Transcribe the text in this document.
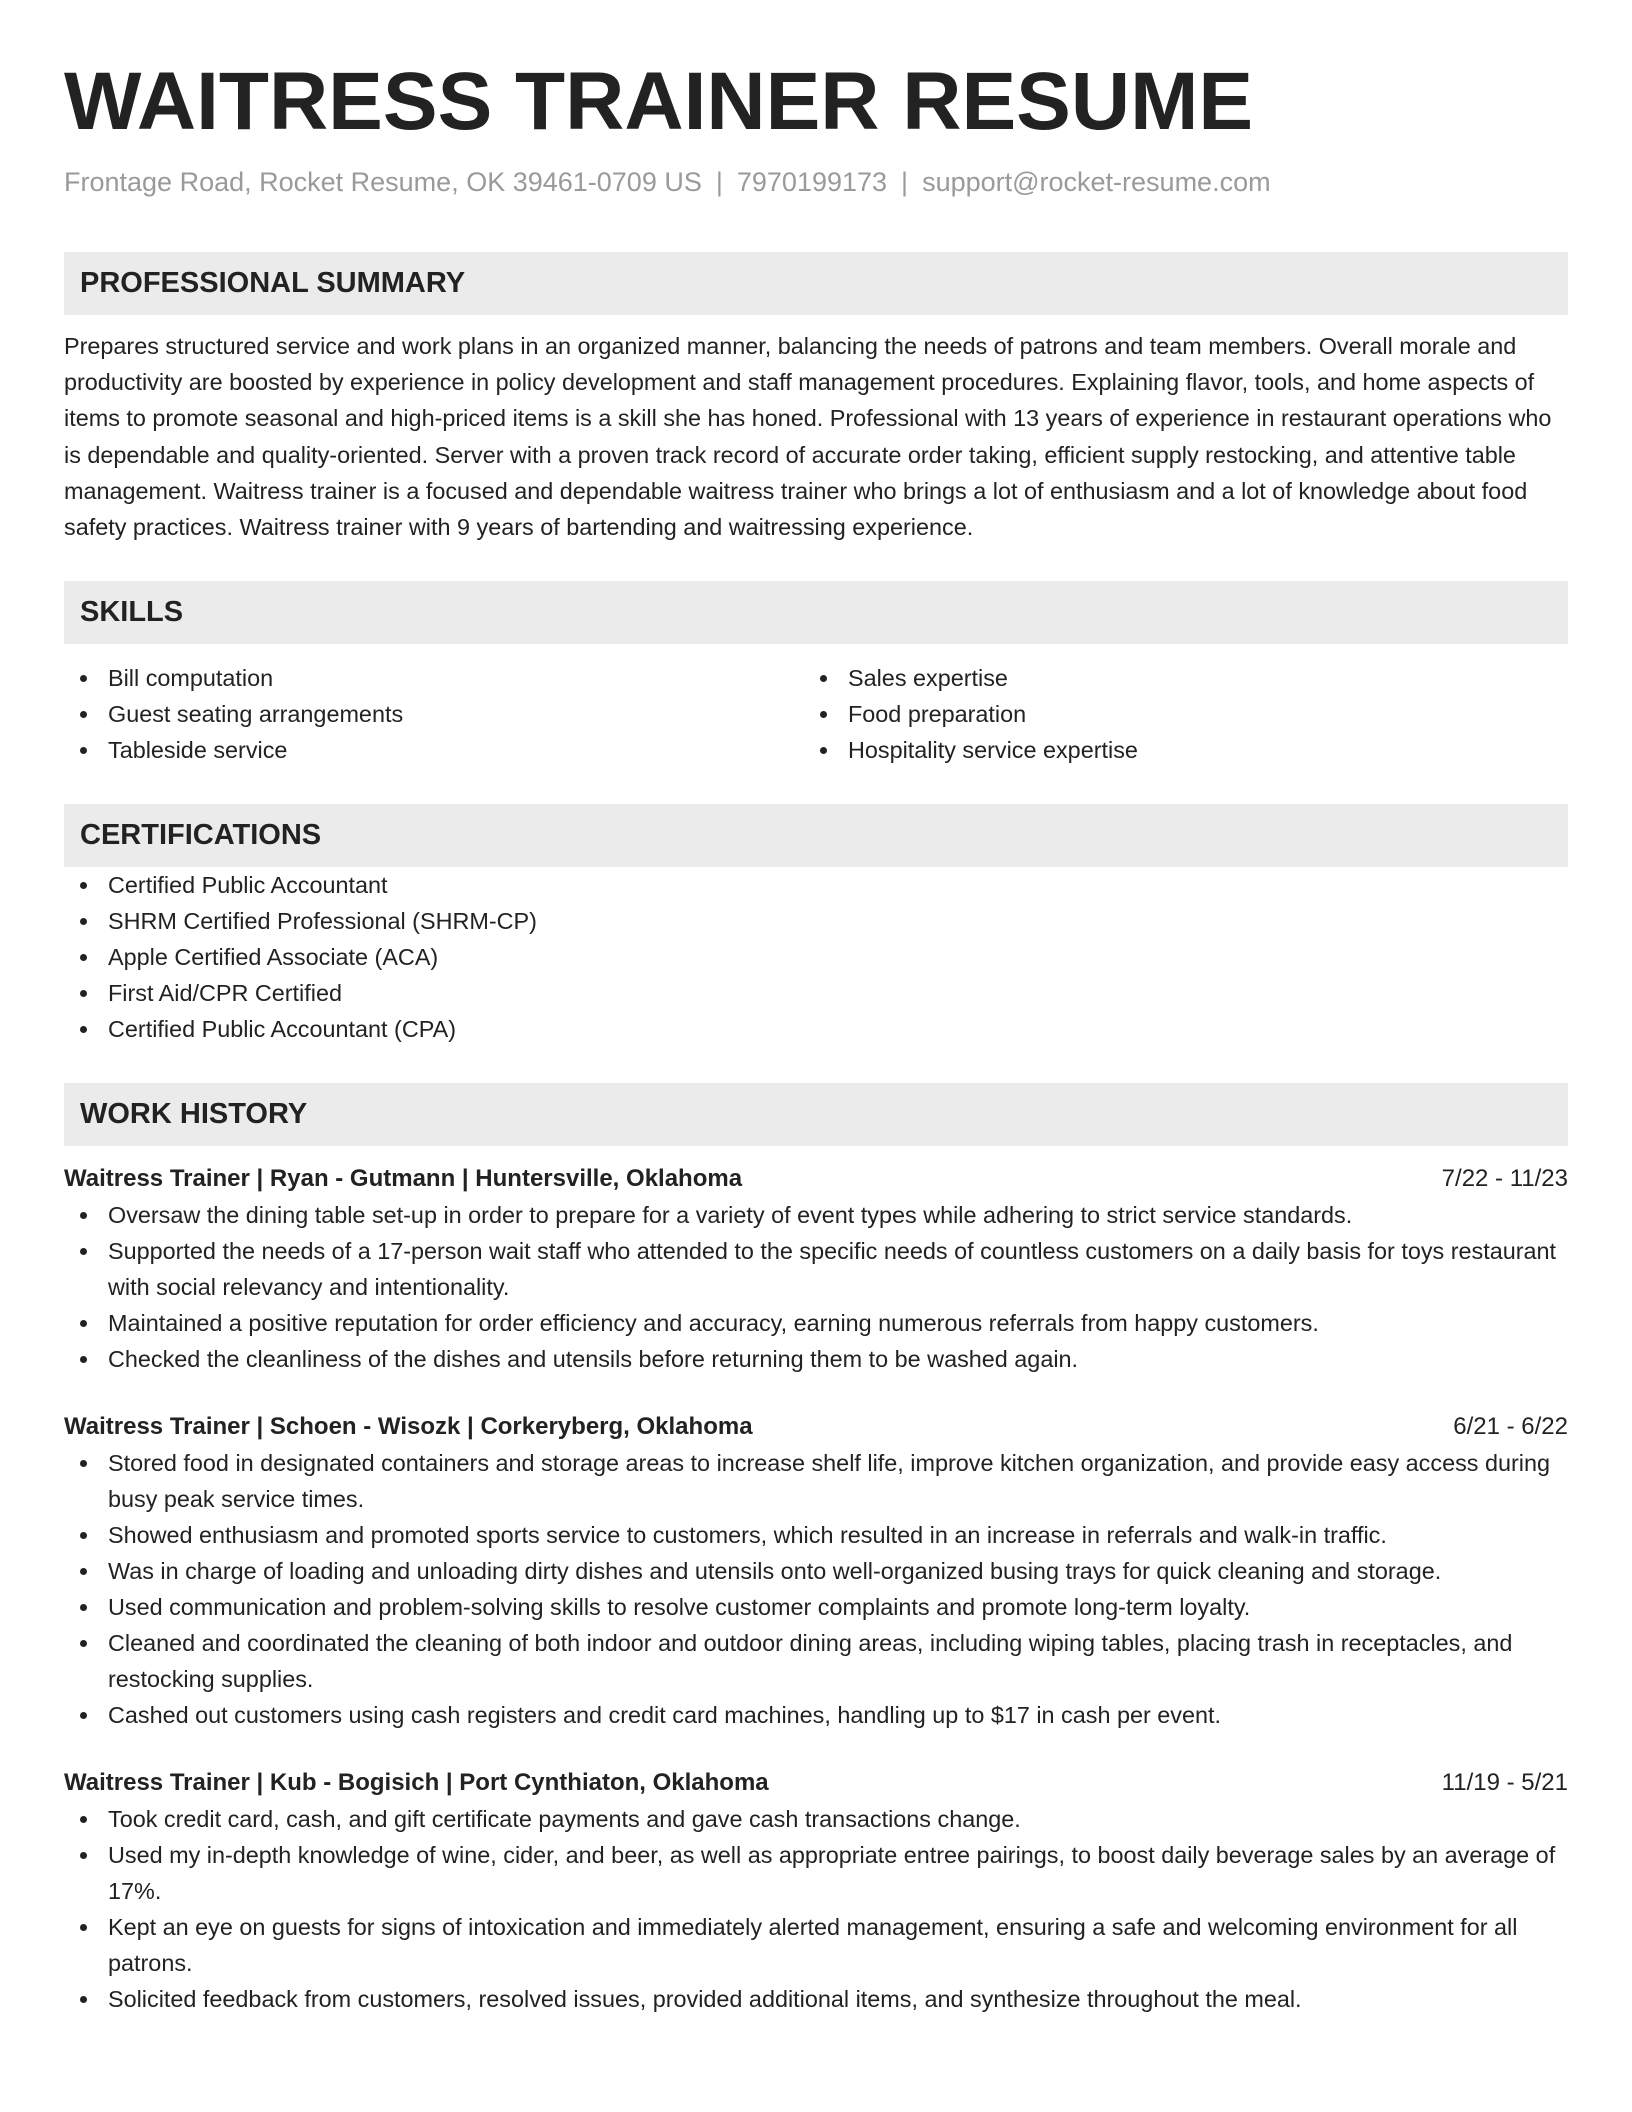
WAITRESS TRAINER RESUME
Frontage Road, Rocket Resume, OK 39461-0709 US | 7970199173 | support@rocket-resume.com
PROFESSIONAL SUMMARY
Prepares structured service and work plans in an organized manner, balancing the needs of patrons and team members. Overall morale and productivity are boosted by experience in policy development and staff management procedures. Explaining flavor, tools, and home aspects of items to promote seasonal and high-priced items is a skill she has honed. Professional with 13 years of experience in restaurant operations who is dependable and quality-oriented. Server with a proven track record of accurate order taking, efficient supply restocking, and attentive table management. Waitress trainer is a focused and dependable waitress trainer who brings a lot of enthusiasm and a lot of knowledge about food safety practices. Waitress trainer with 9 years of bartending and waitressing experience.
SKILLS
Bill computation
Guest seating arrangements
Tableside service
Sales expertise
Food preparation
Hospitality service expertise
CERTIFICATIONS
Certified Public Accountant
SHRM Certified Professional (SHRM-CP)
Apple Certified Associate (ACA)
First Aid/CPR Certified
Certified Public Accountant (CPA)
WORK HISTORY
Waitress Trainer | Ryan - Gutmann | Huntersville, Oklahoma	7/22 - 11/23
Oversaw the dining table set-up in order to prepare for a variety of event types while adhering to strict service standards.
Supported the needs of a 17-person wait staff who attended to the specific needs of countless customers on a daily basis for toys restaurant with social relevancy and intentionality.
Maintained a positive reputation for order efficiency and accuracy, earning numerous referrals from happy customers.
Checked the cleanliness of the dishes and utensils before returning them to be washed again.
Waitress Trainer | Schoen - Wisozk | Corkeryberg, Oklahoma	6/21 - 6/22
Stored food in designated containers and storage areas to increase shelf life, improve kitchen organization, and provide easy access during busy peak service times.
Showed enthusiasm and promoted sports service to customers, which resulted in an increase in referrals and walk-in traffic.
Was in charge of loading and unloading dirty dishes and utensils onto well-organized busing trays for quick cleaning and storage.
Used communication and problem-solving skills to resolve customer complaints and promote long-term loyalty.
Cleaned and coordinated the cleaning of both indoor and outdoor dining areas, including wiping tables, placing trash in receptacles, and restocking supplies.
Cashed out customers using cash registers and credit card machines, handling up to $17 in cash per event.
Waitress Trainer | Kub - Bogisich | Port Cynthiaton, Oklahoma	11/19 - 5/21
Took credit card, cash, and gift certificate payments and gave cash transactions change.
Used my in-depth knowledge of wine, cider, and beer, as well as appropriate entree pairings, to boost daily beverage sales by an average of 17%.
Kept an eye on guests for signs of intoxication and immediately alerted management, ensuring a safe and welcoming environment for all patrons.
Solicited feedback from customers, resolved issues, provided additional items, and synthesize throughout the meal.
